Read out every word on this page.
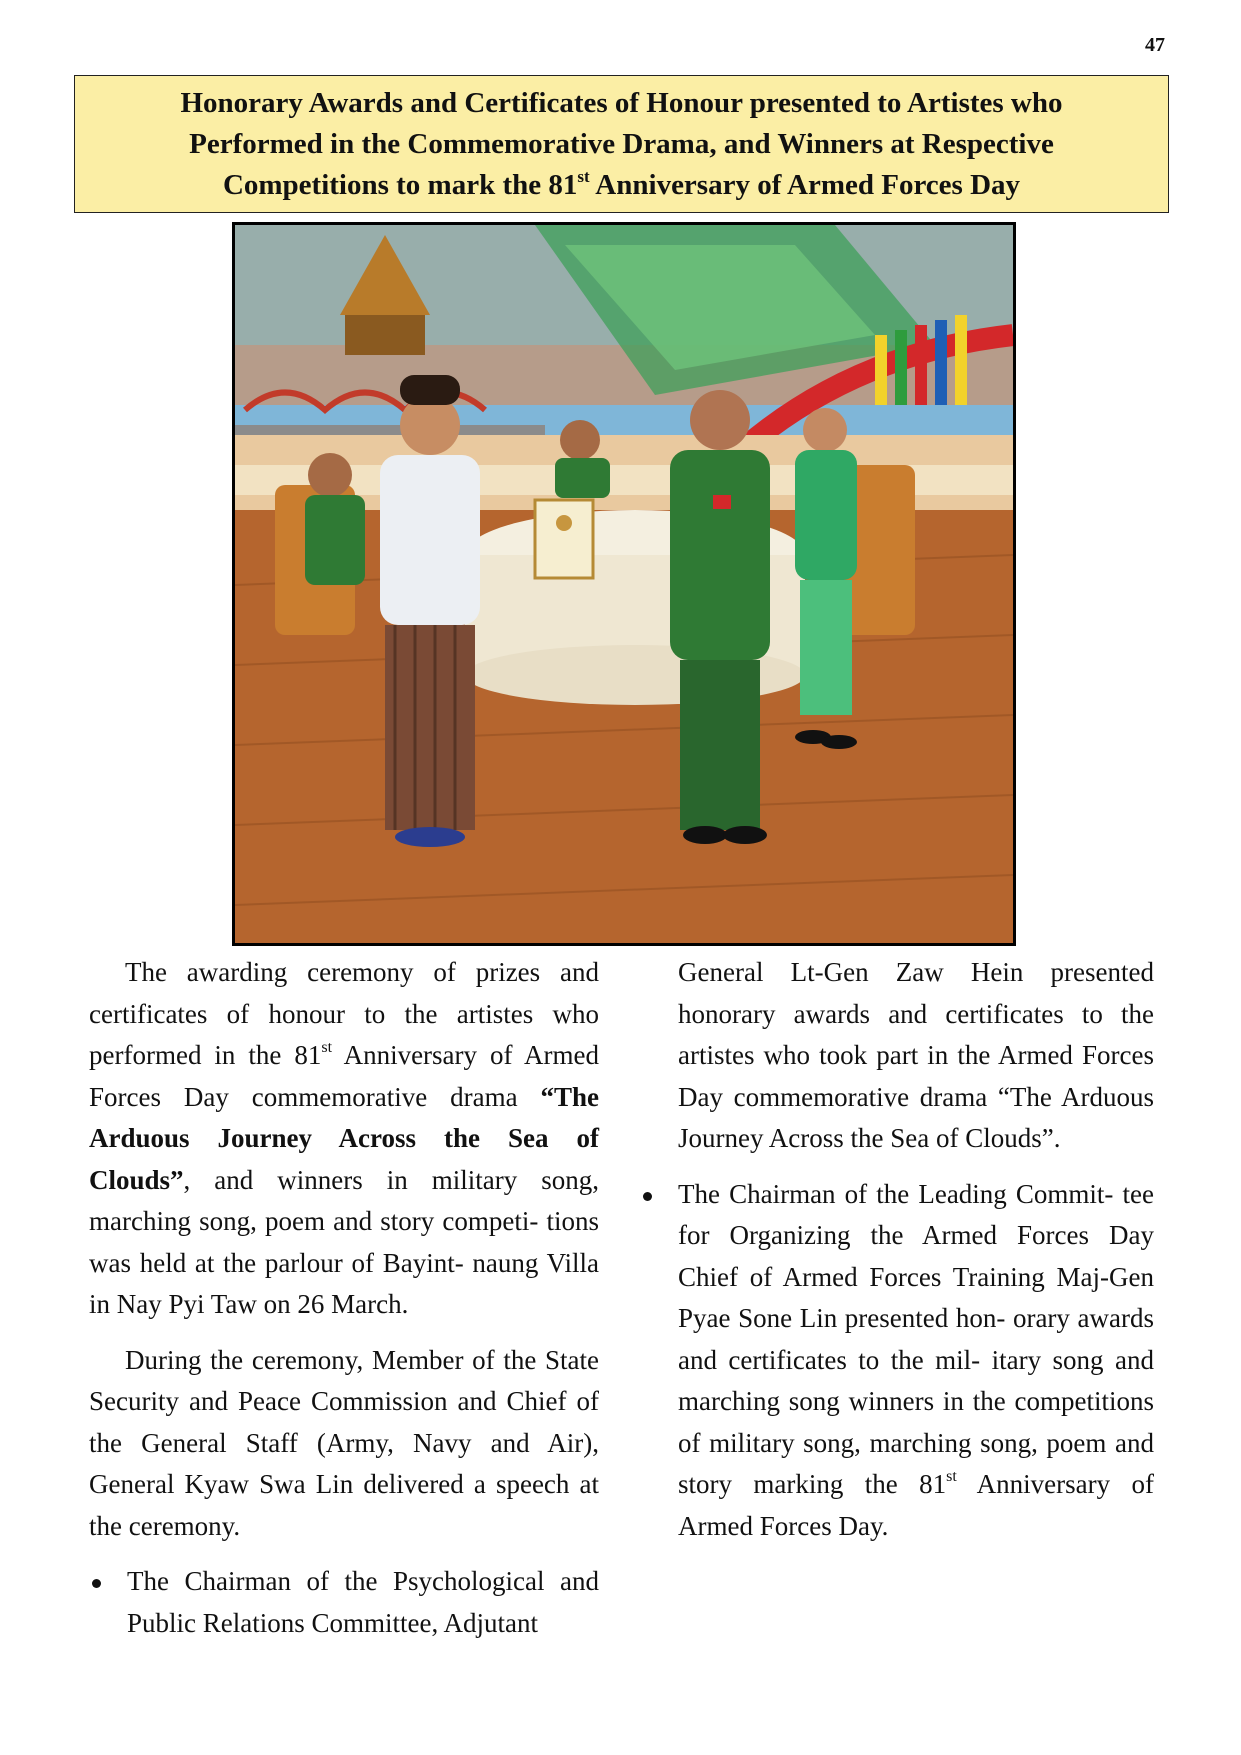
47
Honorary Awards and Certificates of Honour presented to Artistes who
Performed in the Commemorative Drama, and Winners at Respective
Competitions to mark the 81st Anniversary of Armed Forces Day

The awarding ceremony of prizes and certificates of honour to the artistes who performed in the 81st Anniversary of Armed Forces Day commemorative drama “The Arduous Journey Across the Sea of Clouds”, and winners in military song, marching song, poem and story competi- tions was held at the parlour of Bayint- naung Villa in Nay Pyi Taw on 26 March.

During the ceremony, Member of the State Security and Peace Commission and Chief of the General Staff (Army, Navy and Air), General Kyaw Swa Lin delivered a speech at the ceremony.

The Chairman of the Psychological and Public Relations Committee, Adjutant

General Lt-Gen Zaw Hein presented honorary awards and certificates to the artistes who took part in the Armed Forces Day commemorative drama “The Arduous Journey Across the Sea of Clouds”.

The Chairman of the Leading Commit- tee for Organizing the Armed Forces Day Chief of Armed Forces Training Maj-Gen Pyae Sone Lin presented hon- orary awards and certificates to the mil- itary song and marching song winners in the competitions of military song, marching song, poem and story marking the 81st Anniversary of Armed Forces Day.
